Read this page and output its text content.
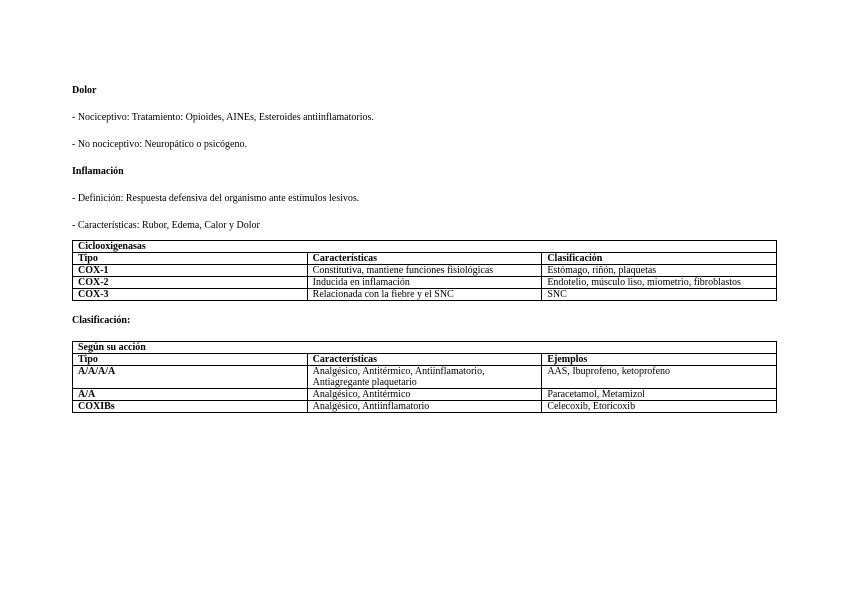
Dolor

- Nociceptivo: Tratamiento: Opioides, AINEs, Esteroides antiinflamatorios.

- No nociceptivo: Neuropático o psicógeno.

Inflamación

- Definición: Respuesta defensiva del organismo ante estímulos lesivos.

- Características: Rubor, Edema, Calor y Dolor

Ciclooxigenasas		
Tipo	Características	Clasificación
COX-1	Constitutiva, mantiene funciones fisiológicas	Estómago, riñón, plaquetas
COX-2	Inducida en inflamación	Endotelio, músculo liso, miometrio, fibroblastos
COX-3	Relacionada con la fiebre y el SNC	SNC

Clasificación:

Según su acción		
Tipo	Características	Ejemplos
A/A/A/A	Analgésico, Antitérmico, Antiinflamatorio, Antiagregante plaquetario	AAS, Ibuprofeno, ketoprofeno
A/A	Analgésico, Antitérmico	Paracetamol, Metamizol
COXIBs	Analgésico, Antiinflamatorio	Celecoxib, Etoricoxib
